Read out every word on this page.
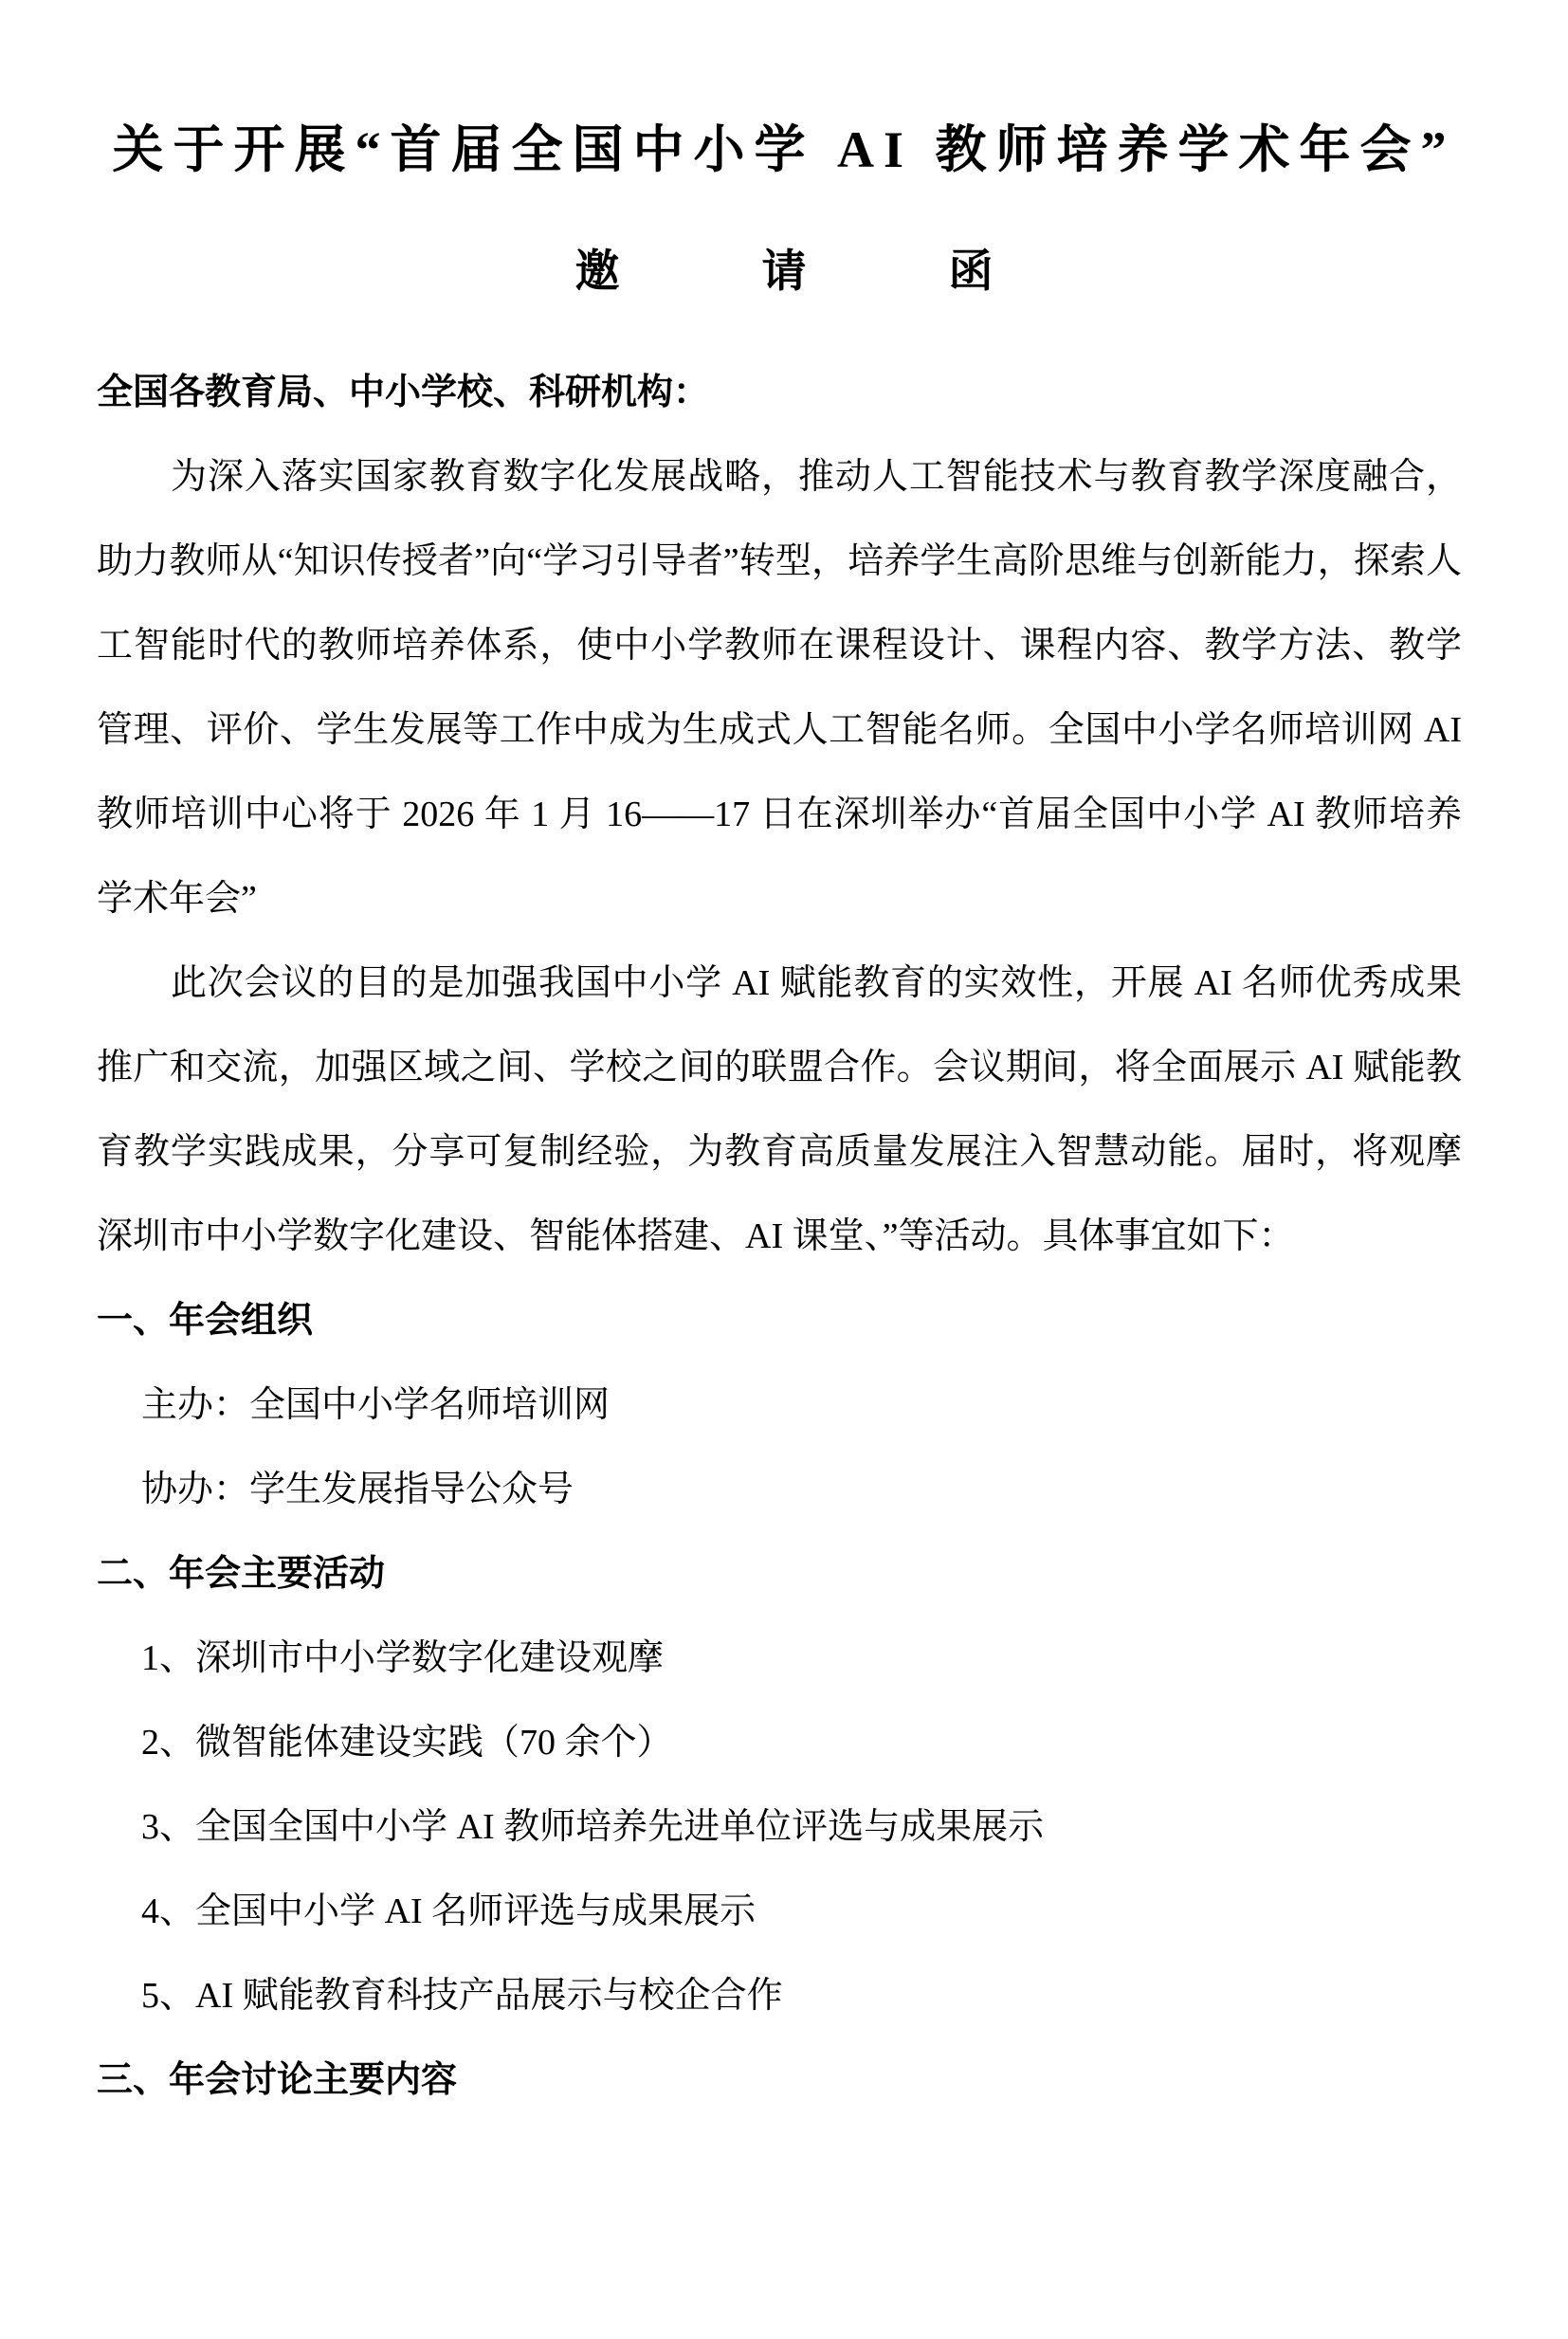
关于开展“首届全国中小学 AI 教师培养学术年会”
邀	请	函

全国各教育局、中小学校、科研机构：

为深入落实国家教育数字化发展战略，推动人工智能技术与教育教学深度融合，助力教师从“知识传授者”向“学习引导者”转型，培养学生高阶思维与创新能力，探索人工智能时代的教师培养体系，使中小学教师在课程设计、课程内容、教学方法、教学管理、评价、学生发展等工作中成为生成式人工智能名师。全国中小学名师培训网 AI 教师培训中心将于 2026 年 1 月 16——17 日在深圳举办“首届全国中小学 AI 教师培养学术年会”

此次会议的目的是加强我国中小学 AI 赋能教育的实效性，开展 AI 名师优秀成果推广和交流，加强区域之间、学校之间的联盟合作。会议期间，将全面展示 AI 赋能教育教学实践成果，分享可复制经验，为教育高质量发展注入智慧动能。届时，将观摩深圳市中小学数字化建设、智能体搭建、AI 课堂、”等活动。具体事宜如下：

一、年会组织

主办：全国中小学名师培训网

协办：学生发展指导公众号

二、年会主要活动

1、深圳市中小学数字化建设观摩

2、微智能体建设实践（70 余个）

3、全国全国中小学 AI 教师培养先进单位评选与成果展示

4、全国中小学 AI 名师评选与成果展示

5、AI 赋能教育科技产品展示与校企合作

三、年会讨论主要内容
